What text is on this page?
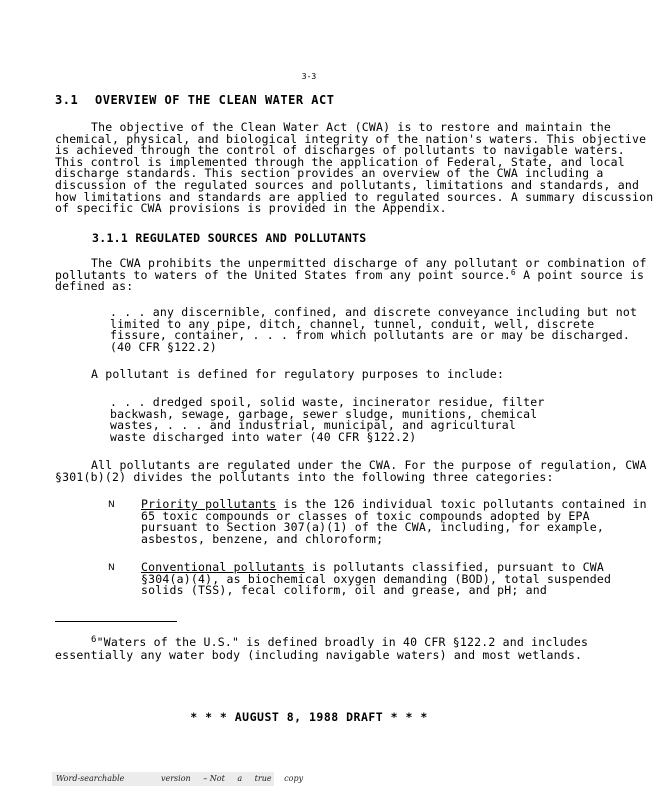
3-3
3.1 OVERVIEW OF THE CLEAN WATER ACT
The objective of the Clean Water Act (CWA) is to restore and maintain the
chemical, physical, and biological integrity of the nation's waters. This objective
is achieved through the control of discharges of pollutants to navigable waters.
This control is implemented through the application of Federal, State, and local
discharge standards. This section provides an overview of the CWA including a
discussion of the regulated sources and pollutants, limitations and standards, and
how limitations and standards are applied to regulated sources. A summary discussion
of specific CWA provisions is provided in the Appendix.
3.1.1 REGULATED SOURCES AND POLLUTANTS
The CWA prohibits the unpermitted discharge of any pollutant or combination of
pollutants to waters of the United States from any point source.$^6$ A point source is
defined as:
. . . any discernible, confined, and discrete conveyance including but not
limited to any pipe, ditch, channel, tunnel, conduit, well, discrete
fissure, container, . . . from which pollutants are or may be discharged.
(40 CFR §122.2)
A pollutant is defined for regulatory purposes to include:
. . . dredged spoil, solid waste, incinerator residue, filter
backwash, sewage, garbage, sewer sludge, munitions, chemical
wastes, . . . and industrial, municipal, and agricultural
waste discharged into water (40 CFR §122.2)
All pollutants are regulated under the CWA. For the purpose of regulation, CWA
§301(b)(2) divides the pollutants into the following three categories:
N Priority pollutants is the 126 individual toxic pollutants contained in
65 toxic compounds or classes of toxic compounds adopted by EPA
pursuant to Section 307(a)(1) of the CWA, including, for example,
asbestos, benzene, and chloroform;
N Conventional pollutants is pollutants classified, pursuant to CWA
§304(a)(4), as biochemical oxygen demanding (BOD), total suspended
solids (TSS), fecal coliform, oil and grease, and pH; and
$^6$"Waters of the U.S." is defined broadly in 40 CFR §122.2 and includes
essentially any water body (including navigable waters) and most wetlands.
* * * AUGUST 8, 1988 DRAFT * * *
Word-searchable	version – Not a true copy
